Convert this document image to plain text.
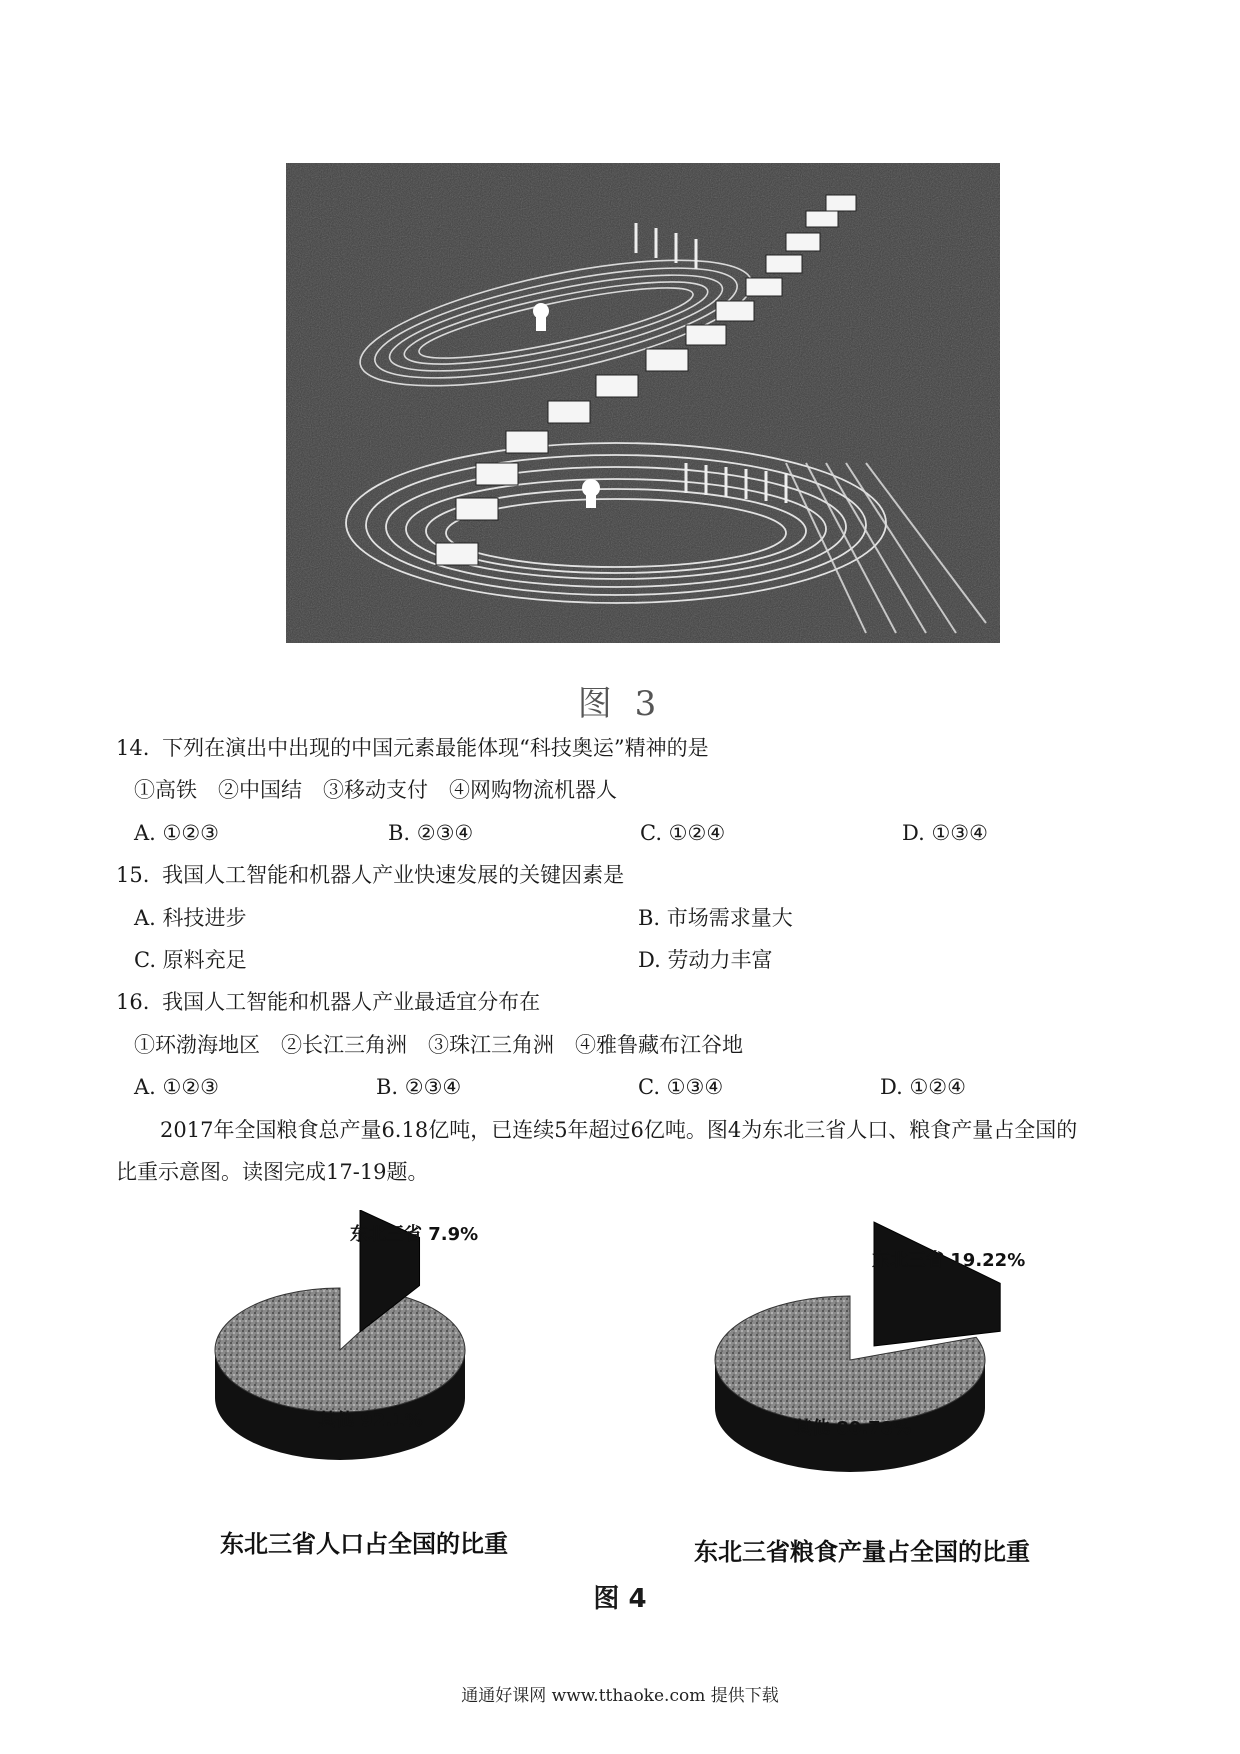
图 3
14. 下列在演出中出现的中国元素最能体现“科技奥运”精神的是
①高铁　②中国结　③移动支付　④网购物流机器人
A. ①②③	B. ②③④	C. ①②④	D. ①③④
15. 我国人工智能和机器人产业快速发展的关键因素是
A. 科技进步	B. 市场需求量大
C. 原料充足	D. 劳动力丰富
16. 我国人工智能和机器人产业最适宜分布在
①环渤海地区　②长江三角洲　③珠江三角洲　④雅鲁藏布江谷地
A. ①②③	B. ②③④	C. ①③④	D. ①②④
2017年全国粮食总产量6.18亿吨，已连续5年超过6亿吨。图4为东北三省人口、粮食产量占全国的
比重示意图。读图完成17-19题。
东北三省 7.9%
其他 92.1%
东北三省人口占全国的比重
东北三省 19.22%
其他 80.78%
东北三省粮食产量占全国的比重
图 4
通通好课网 www.tthaoke.com 提供下载
